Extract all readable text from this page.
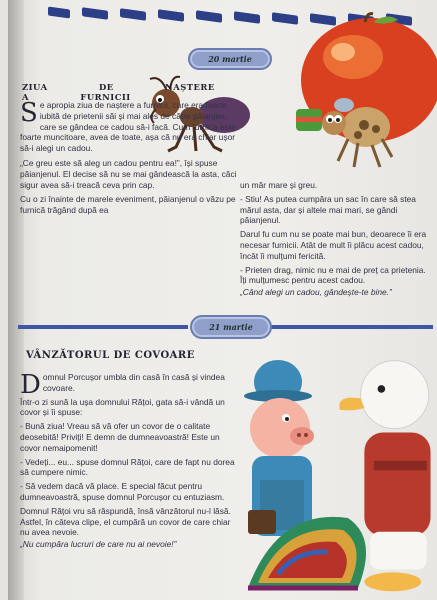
20 martie
ZIUA DE NAȘTERE A FURNICII

Se apropia ziua de naștere a furnicii, care era foarte iubită de prietenii săi și mai ales de către păianjen, care se gândea ce cadou să-i facă. Cum furnica este foarte muncitoare, avea de toate, așa că nu era chiar ușor să-i alegi un cadou.

„Ce greu este să aleg un cadou pentru ea!”, își spuse păianjenul. El decise să nu se mai gândească la asta, căci sigur avea să-i treacă ceva prin cap.

Cu o zi înainte de marele eveniment, păianjenul o văzu pe furnică trăgând după ea

un măr mare și greu.

- Stiu! As putea cumpăra un sac în care să stea mărul asta, dar și altele mai mari, se gândi păianjenul.

Darul fu cum nu se poate mai bun, deoarece îi era necesar furnicii. Atât de mult îi plăcu acest cadou, încât îi mulțumi fericită.

- Prieten drag, nimic nu e mai de preț ca prietenia. Îți mulțumesc pentru acest cadou.

„Când alegi un cadou, gândește-te bine.”

21 martie
VÂNZĂTORUL DE COVOARE

Domnul Porcușor umbla din casă în casă și vindea covoare.

Într-o zi sună la ușa domnului Rățoi, gata să-i vândă un covor și îi spuse:

- Bună ziua! Vreau să vă ofer un covor de o calitate deosebită! Priviți! E demn de dumneavoastră! Este un covor nemaipomenit!

- Vedeți... eu... spuse domnul Rățoi, care de fapt nu dorea să cumpere nimic.

- Să vedem dacă vă place. E special făcut pentru dumneavoastră, spuse domnul Porcușor cu entuziasm.

Domnul Rățoi vru să răspundă, însă vânzătorul nu-l lăsă. Astfel, în câteva clipe, el cumpără un covor de care chiar nu avea nevoie.

„Nu cumpăra lucruri de care nu ai nevoie!”
